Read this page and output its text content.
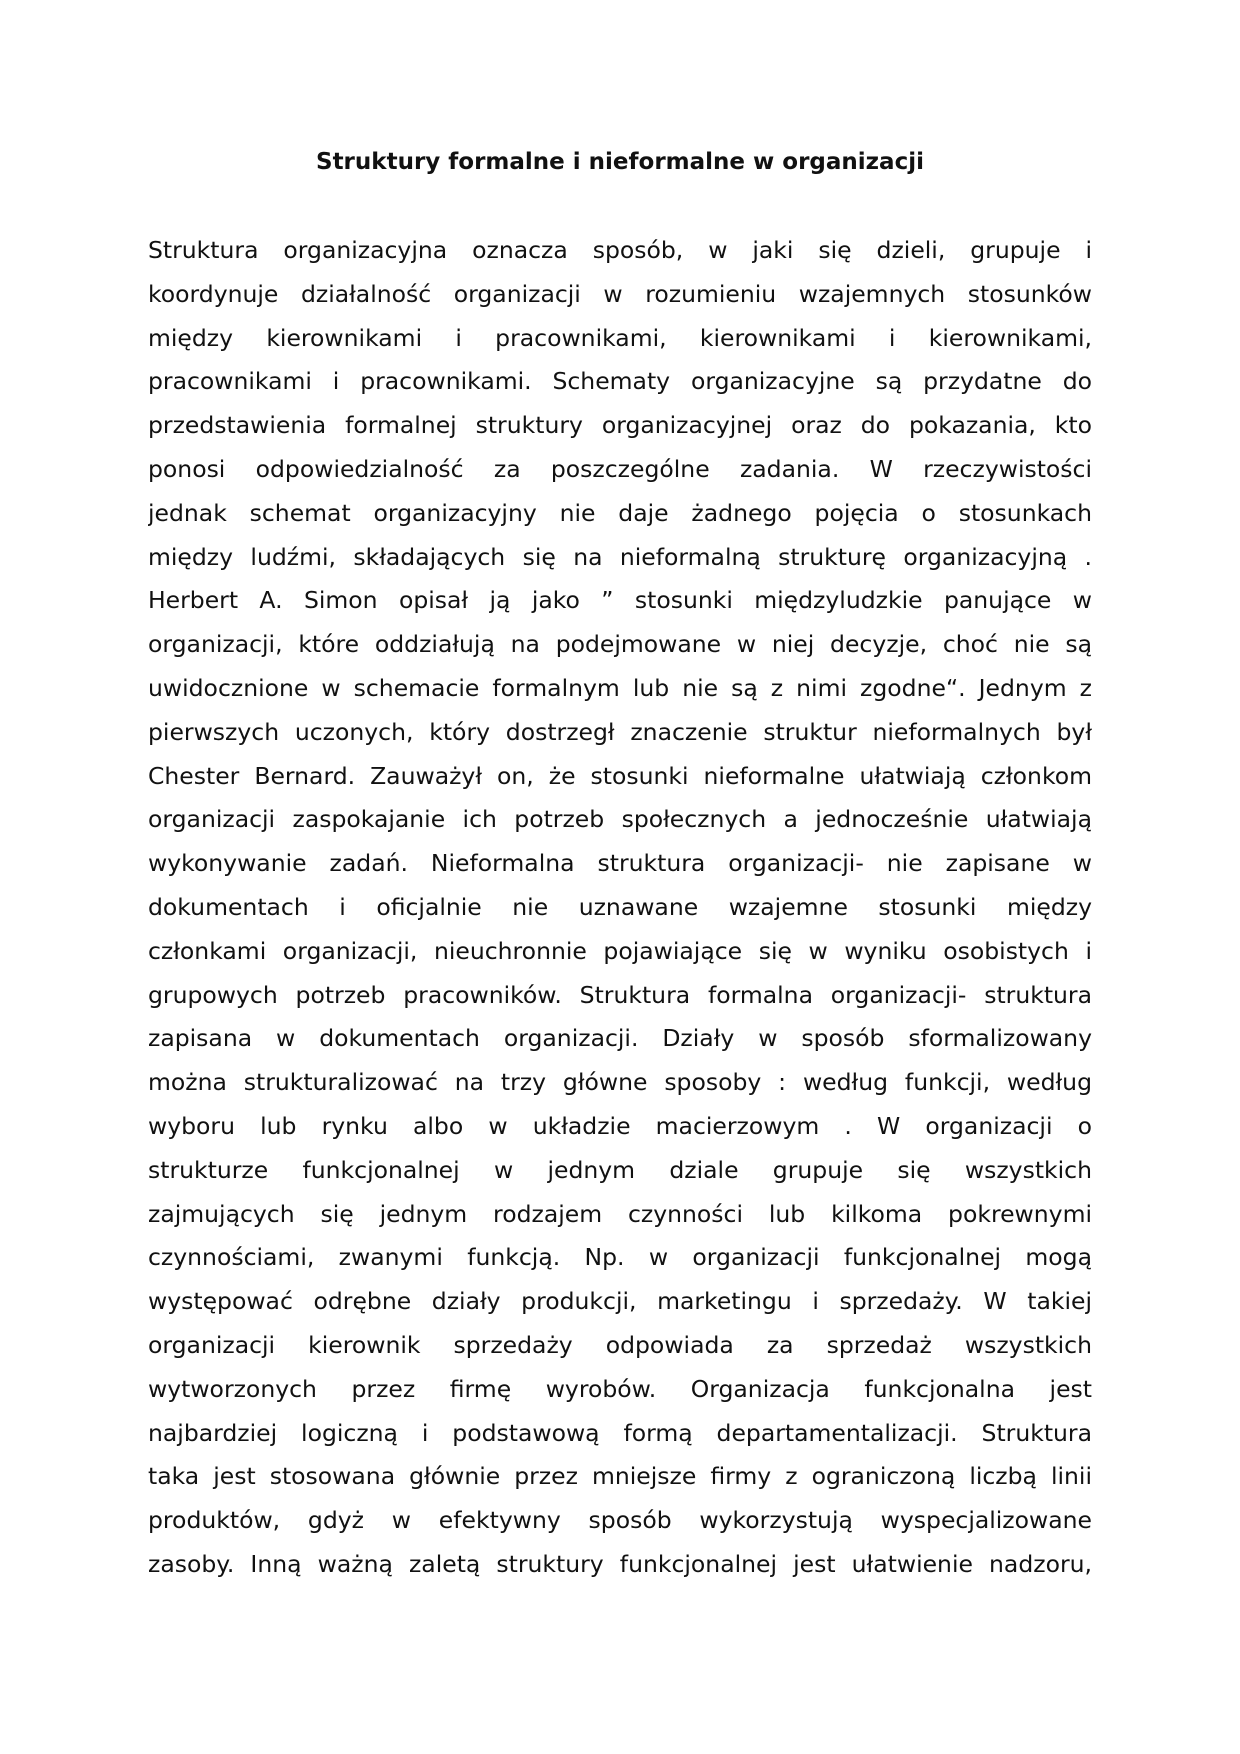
Struktury formalne i nieformalne w organizacji
Struktura organizacyjna oznacza sposób, w jaki się dzieli, grupuje i
koordynuje działalność organizacji w rozumieniu wzajemnych stosunków
między kierownikami i pracownikami, kierownikami i kierownikami,
pracownikami i pracownikami. Schematy organizacyjne są przydatne do
przedstawienia formalnej struktury organizacyjnej oraz do pokazania, kto
ponosi odpowiedzialność za poszczególne zadania. W rzeczywistości
jednak schemat organizacyjny nie daje żadnego pojęcia o stosunkach
między ludźmi, składających się na nieformalną strukturę organizacyjną .
Herbert A. Simon opisał ją jako ” stosunki międzyludzkie panujące w
organizacji, które oddziałują na podejmowane w niej decyzje, choć nie są
uwidocznione w schemacie formalnym lub nie są z nimi zgodne“. Jednym z
pierwszych uczonych, który dostrzegł znaczenie struktur nieformalnych był
Chester Bernard. Zauważył on, że stosunki nieformalne ułatwiają członkom
organizacji zaspokajanie ich potrzeb społecznych a jednocześnie ułatwiają
wykonywanie zadań. Nieformalna struktura organizacji- nie zapisane w
dokumentach i oficjalnie nie uznawane wzajemne stosunki między
członkami organizacji, nieuchronnie pojawiające się w wyniku osobistych i
grupowych potrzeb pracowników. Struktura formalna organizacji- struktura
zapisana w dokumentach organizacji. Działy w sposób sformalizowany
można strukturalizować na trzy główne sposoby : według funkcji, według
wyboru lub rynku albo w układzie macierzowym . W organizacji o
strukturze funkcjonalnej w jednym dziale grupuje się wszystkich
zajmujących się jednym rodzajem czynności lub kilkoma pokrewnymi
czynnościami, zwanymi funkcją. Np. w organizacji funkcjonalnej mogą
występować odrębne działy produkcji, marketingu i sprzedaży. W takiej
organizacji kierownik sprzedaży odpowiada za sprzedaż wszystkich
wytworzonych przez firmę wyrobów. Organizacja funkcjonalna jest
najbardziej logiczną i podstawową formą departamentalizacji. Struktura
taka jest stosowana głównie przez mniejsze firmy z ograniczoną liczbą linii
produktów, gdyż w efektywny sposób wykorzystują wyspecjalizowane
zasoby. Inną ważną zaletą struktury funkcjonalnej jest ułatwienie nadzoru,
